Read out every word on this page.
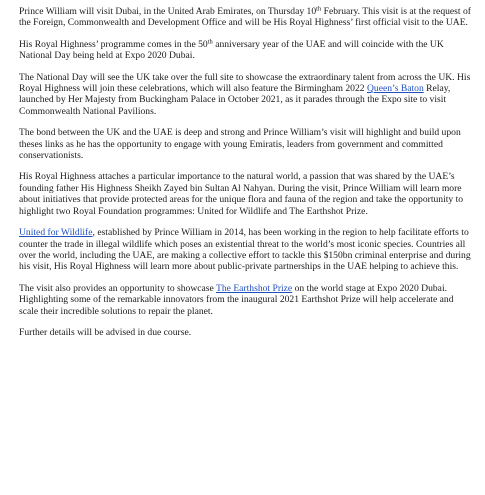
Prince William will visit Dubai, in the United Arab Emirates, on Thursday 10th February. This visit is at the request of the Foreign, Commonwealth and Development Office and will be His Royal Highness’ first official visit to the UAE.

His Royal Highness’ programme comes in the 50th anniversary year of the UAE and will coincide with the UK National Day being held at Expo 2020 Dubai.

The National Day will see the UK take over the full site to showcase the extraordinary talent from across the UK. His Royal Highness will join these celebrations, which will also feature the Birmingham 2022 Queen’s Baton Relay, launched by Her Majesty from Buckingham Palace in October 2021, as it parades through the Expo site to visit Commonwealth National Pavilions.

The bond between the UK and the UAE is deep and strong and Prince William’s visit will highlight and build upon theses links as he has the opportunity to engage with young Emiratis, leaders from government and committed conservationists.

His Royal Highness attaches a particular importance to the natural world, a passion that was shared by the UAE’s founding father His Highness Sheikh Zayed bin Sultan Al Nahyan. During the visit, Prince William will learn more about initiatives that provide protected areas for the unique flora and fauna of the region and take the opportunity to highlight two Royal Foundation programmes: United for Wildlife and The Earthshot Prize.

United for Wildlife, established by Prince William in 2014, has been working in the region to help facilitate efforts to counter the trade in illegal wildlife which poses an existential threat to the world’s most iconic species. Countries all over the world, including the UAE, are making a collective effort to tackle this $150bn criminal enterprise and during his visit, His Royal Highness will learn more about public-private partnerships in the UAE helping to achieve this.

The visit also provides an opportunity to showcase The Earthshot Prize on the world stage at Expo 2020 Dubai. Highlighting some of the remarkable innovators from the inaugural 2021 Earthshot Prize will help accelerate and scale their incredible solutions to repair the planet.

Further details will be advised in due course.
